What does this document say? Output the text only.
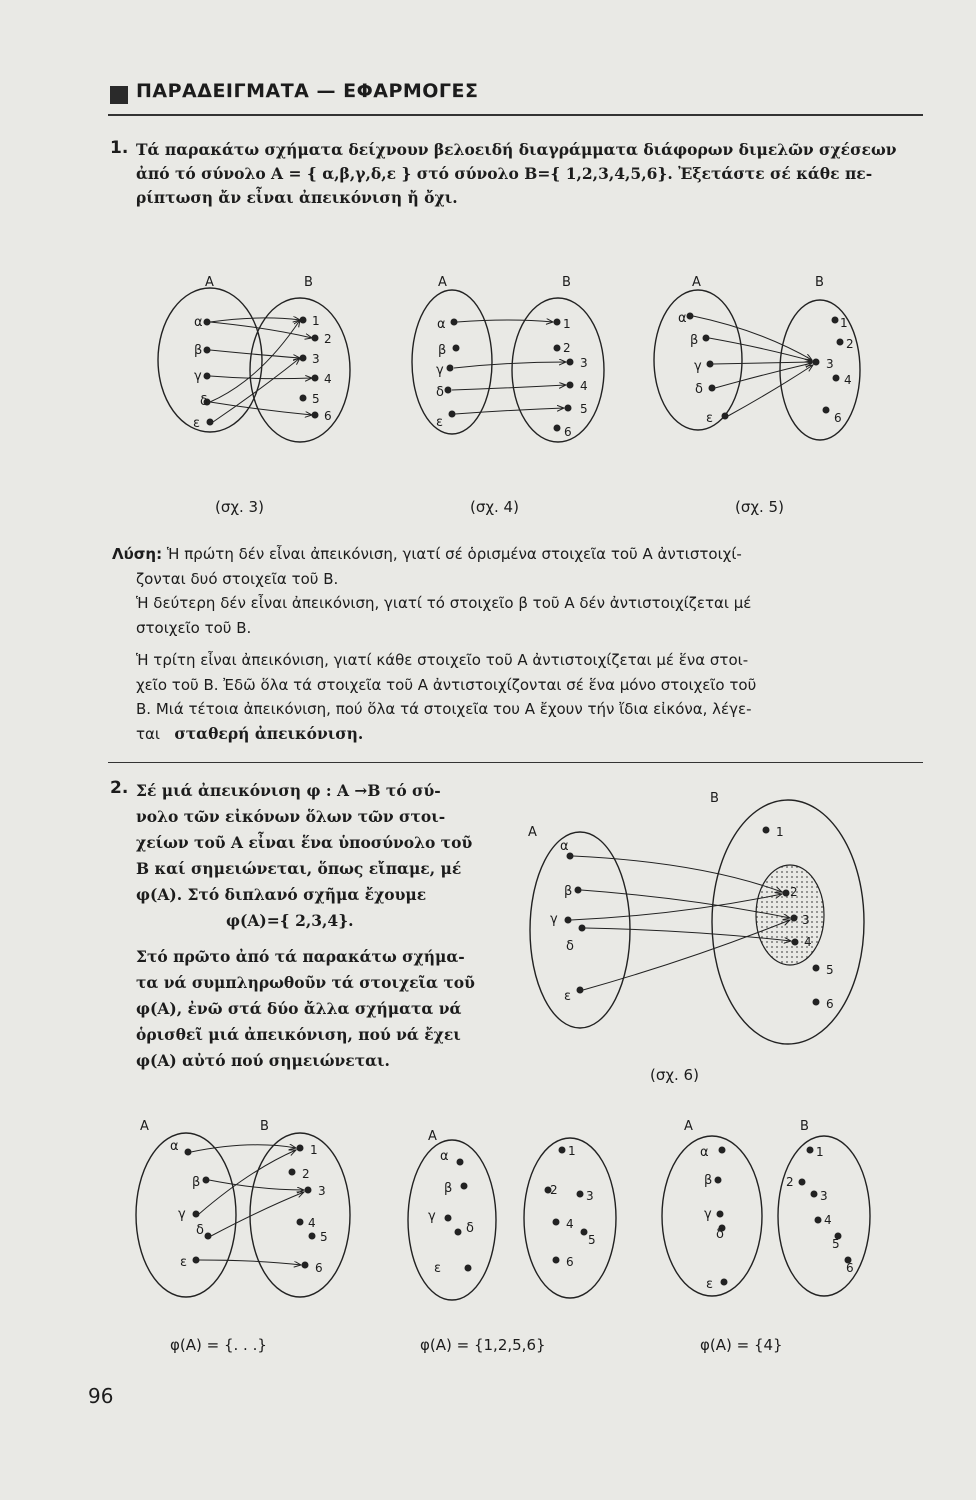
ΠΑΡΑΔΕΙΓΜΑΤΑ — ΕΦΑΡΜΟΓΕΣ
1. Τά παρακάτω σχήματα δείχνουν βελοειδή διαγράμματα διάφορων διμελῶν σχέσεων
ἀπό τό σύνολο Α = { α,β,γ,δ,ε } στό σύνολο Β={ 1,2,3,4,5,6}. Ἐξετάστε σέ κάθε πε-
ρίπτωση ἄν εἶναι ἀπεικόνιση ἤ ὄχι.
Α	Β
α
β
γ
δ
ε
1
2
3
4
5
6
Α	Β
α
β
γ
δ
ε
1
2
3
4
5
6
Α	Β
α
β
γ
δ
ε
1
2
3
4
6
(σχ. 3)	(σχ. 4)	(σχ. 5)
Λύση: Ἡ πρώτη δέν εἶναι ἀπεικόνιση, γιατί σέ ὁρισμένα στοιχεῖα τοῦ Α ἀντιστοιχί-
ζονται δυό στοιχεῖα τοῦ Β.
Ἡ δεύτερη δέν εἶναι ἀπεικόνιση, γιατί τό στοιχεῖο β τοῦ Α δέν ἀντιστοιχίζεται μέ
στοιχεῖο τοῦ Β.
Ἡ τρίτη εἶναι ἀπεικόνιση, γιατί κάθε στοιχεῖο τοῦ Α ἀντιστοιχίζεται μέ ἕνα στοι-
χεῖο τοῦ Β. Ἐδῶ ὅλα τά στοιχεῖα τοῦ Α ἀντιστοιχίζονται σέ ἕνα μόνο στοιχεῖο τοῦ
Β. Μιά τέτοια ἀπεικόνιση, πού ὅλα τά στοιχεῖα του Α ἔχουν τήν ἴδια εἰκόνα, λέγε-
ται σταθερή ἀπεικόνιση.
2. Σέ μιά ἀπεικόνιση φ : Α →Β τό σύ-
νολο τῶν εἰκόνων ὅλων τῶν στοι-
χείων τοῦ Α εἶναι ἕνα ὑποσύνολο τοῦ
Β καί σημειώνεται, ὅπως εἴπαμε, μέ
φ(Α). Στό διπλανό σχῆμα ἔχουμε
φ(Α)={ 2,3,4}.
Στό πρῶτο ἀπό τά παρακάτω σχήμα-
τα νά συμπληρωθοῦν τά στοιχεῖα τοῦ
φ(Α), ἐνῶ στά δύο ἄλλα σχήματα νά
ὁρισθεῖ μιά ἀπεικόνιση, πού νά ἔχει
φ(Α) αὐτό πού σημειώνεται.
Α
Β
α
β
γ
δ
ε
1
2
3
4
5
6
(σχ. 6)
Α	Β
α
β
γ
δ
ε
1
2
3
4
5
6
Α
α
β
γ
δ
ε
1
2 3
4
5
6
Α	Β
α
β
γ
δ
ε
1
2
3
4
5
6
φ(Α) = {. . .}	φ(Α) = {1,2,5,6}	φ(Α) = {4}
96
